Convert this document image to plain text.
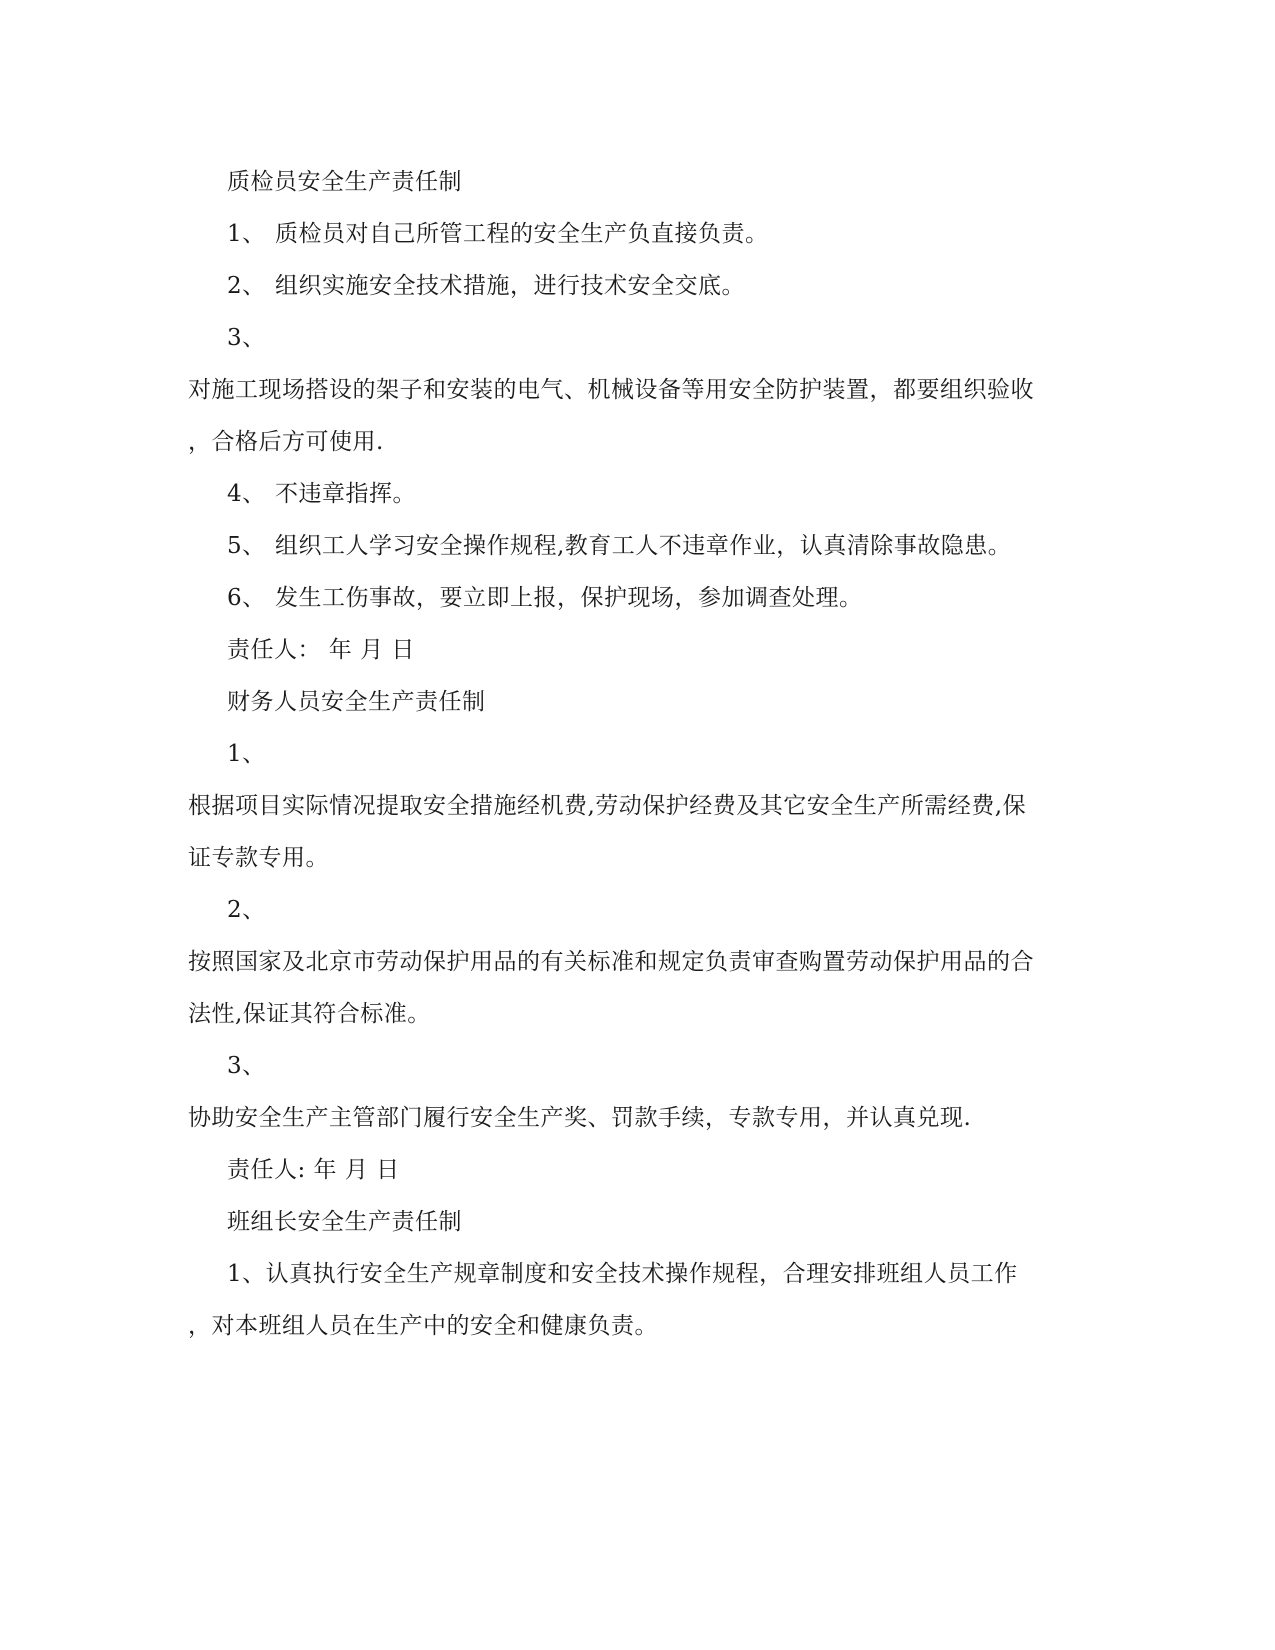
质检员安全生产责任制
1、 质检员对自己所管工程的安全生产负直接负责。
2、 组织实施安全技术措施，进行技术安全交底。
3、
对施工现场搭设的架子和安装的电气、机械设备等用安全防护装置，都要组织验收
，合格后方可使用.
4、 不违章指挥。
5、 组织工人学习安全操作规程,教育工人不违章作业，认真清除事故隐患。
6、 发生工伤事故，要立即上报，保护现场，参加调查处理。
责任人： 年 月 日
财务人员安全生产责任制
1、
根据项目实际情况提取安全措施经机费,劳动保护经费及其它安全生产所需经费,保
证专款专用。
2、
按照国家及北京市劳动保护用品的有关标准和规定负责审查购置劳动保护用品的合
法性,保证其符合标准。
3、
协助安全生产主管部门履行安全生产奖、罚款手续，专款专用，并认真兑现.
责任人: 年 月 日
班组长安全生产责任制
1、认真执行安全生产规章制度和安全技术操作规程，合理安排班组人员工作
，对本班组人员在生产中的安全和健康负责。
